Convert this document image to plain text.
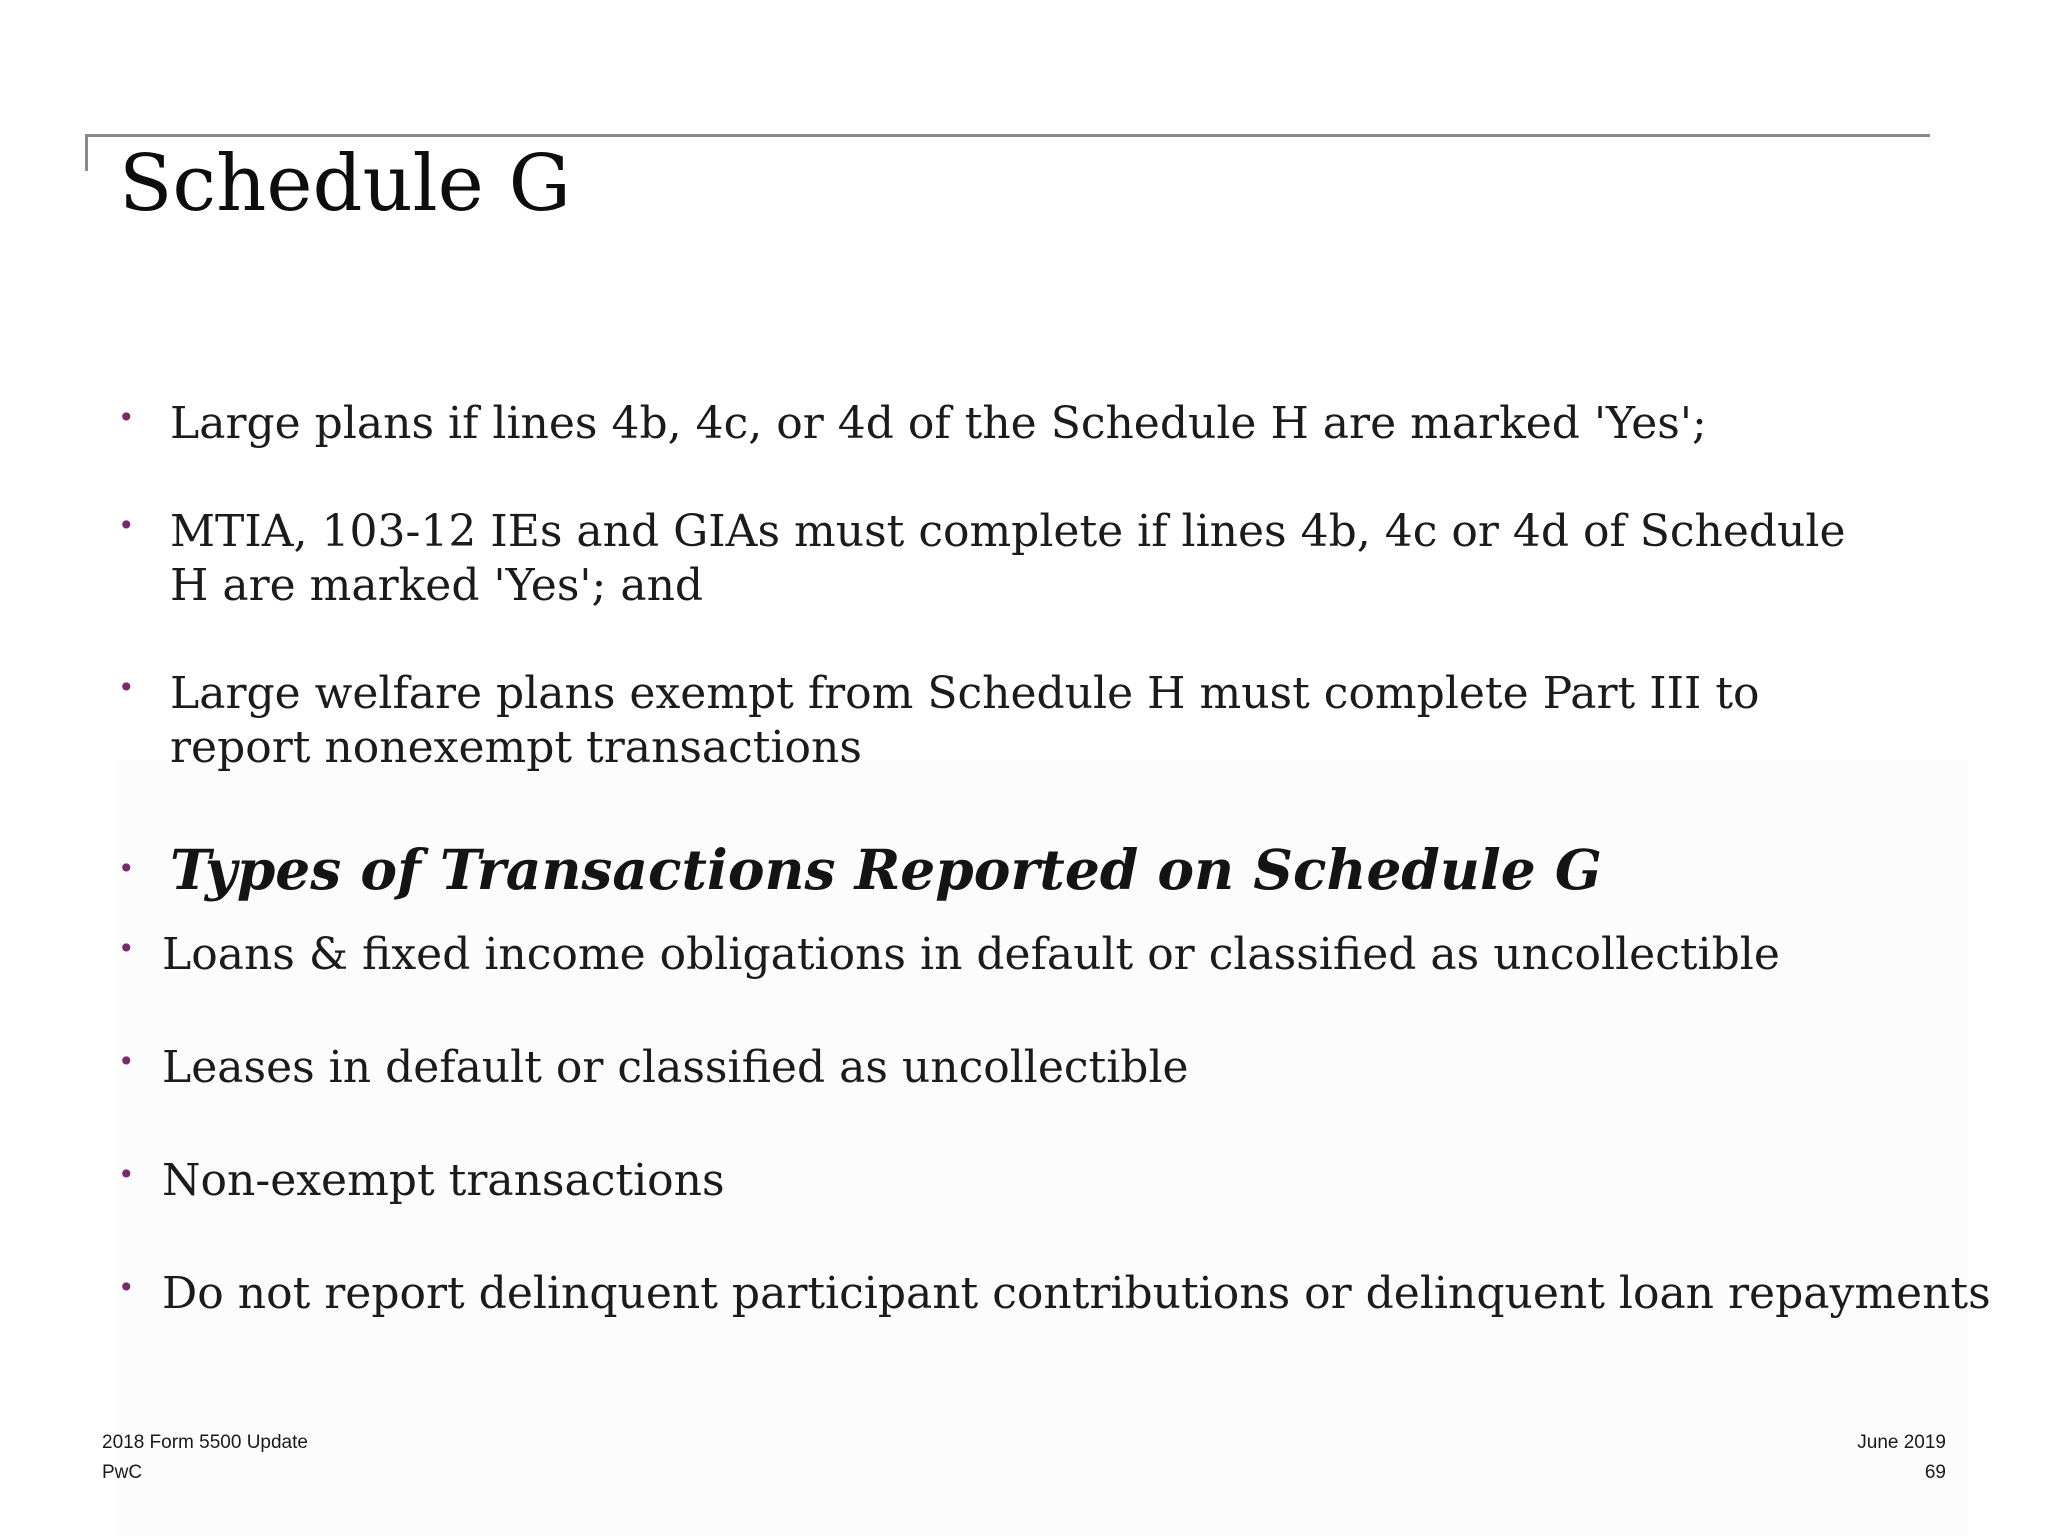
Schedule G
• Large plans if lines 4b, 4c, or 4d of the Schedule H are marked 'Yes';
• MTIA, 103-12 IEs and GIAs must complete if lines 4b, 4c or 4d of Schedule H are marked 'Yes'; and
• Large welfare plans exempt from Schedule H must complete Part III to report nonexempt transactions
• Types of Transactions Reported on Schedule G
• Loans & fixed income obligations in default or classified as uncollectible
• Leases in default or classified as uncollectible
• Non-exempt transactions
• Do not report delinquent participant contributions or delinquent loan repayments
2018 Form 5500 Update
PwC
June 2019
69
